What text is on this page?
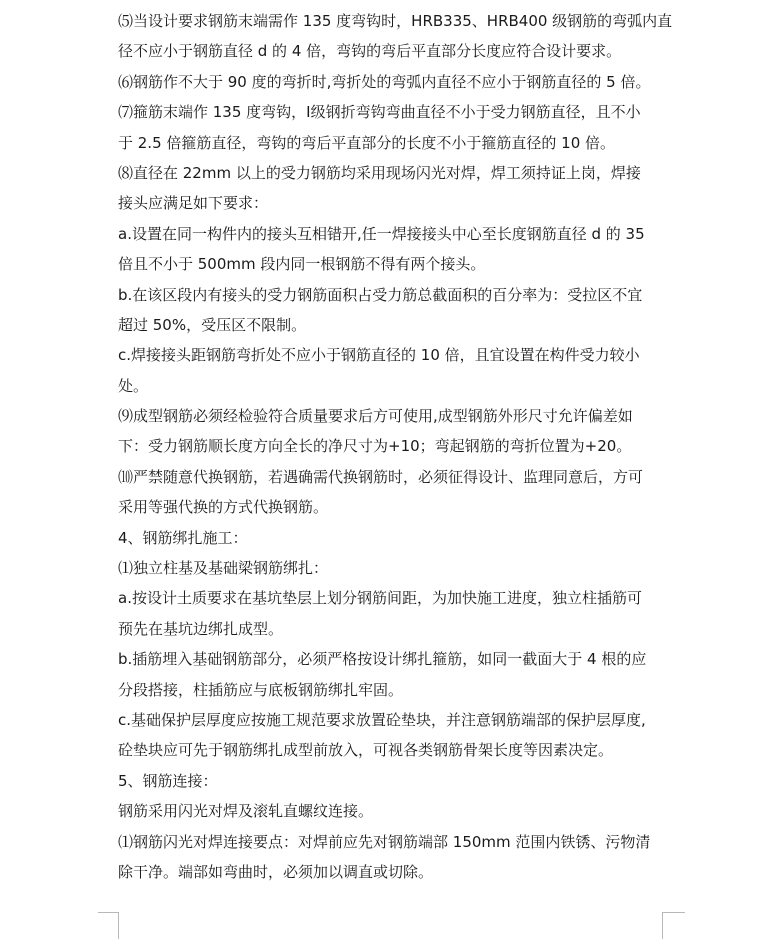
⑸当设计要求钢筋末端需作 135 度弯钩时，HRB335、HRB400 级钢筋的弯弧内直
径不应小于钢筋直径 d 的 4 倍，弯钩的弯后平直部分长度应符合设计要求。
⑹钢筋作不大于 90 度的弯折时,弯折处的弯弧内直径不应小于钢筋直径的 5 倍。
⑺箍筋末端作 135 度弯钩，Ⅰ级钢折弯钩弯曲直径不小于受力钢筋直径，且不小
于 2.5 倍箍筋直径，弯钩的弯后平直部分的长度不小于箍筋直径的 10 倍。
⑻直径在 22mm 以上的受力钢筋均采用现场闪光对焊，焊工须持证上岗，焊接
接头应满足如下要求：
a.设置在同一构件内的接头互相错开,任一焊接接头中心至长度钢筋直径 d 的 35
倍且不小于 500mm 段内同一根钢筋不得有两个接头。
b.在该区段内有接头的受力钢筋面积占受力筋总截面积的百分率为：受拉区不宜
超过 50%，受压区不限制。
c.焊接接头距钢筋弯折处不应小于钢筋直径的 10 倍，且宜设置在构件受力较小
处。
⑼成型钢筋必须经检验符合质量要求后方可使用,成型钢筋外形尺寸允许偏差如
下：受力钢筋顺长度方向全长的净尺寸为+10；弯起钢筋的弯折位置为+20。
⑽严禁随意代换钢筋，若遇确需代换钢筋时，必须征得设计、监理同意后，方可
采用等强代换的方式代换钢筋。
4、钢筋绑扎施工：
⑴独立柱基及基础梁钢筋绑扎：
a.按设计土质要求在基坑垫层上划分钢筋间距，为加快施工进度，独立柱插筋可
预先在基坑边绑扎成型。
b.插筋埋入基础钢筋部分，必须严格按设计绑扎箍筋，如同一截面大于 4 根的应
分段搭接，柱插筋应与底板钢筋绑扎牢固。
c.基础保护层厚度应按施工规范要求放置砼垫块，并注意钢筋端部的保护层厚度,
砼垫块应可先于钢筋绑扎成型前放入，可视各类钢筋骨架长度等因素决定。
5、钢筋连接：
钢筋采用闪光对焊及滚轧直螺纹连接。
⑴钢筋闪光对焊连接要点：对焊前应先对钢筋端部 150mm 范围内铁锈、污物清
除干净。端部如弯曲时，必须加以调直或切除。
